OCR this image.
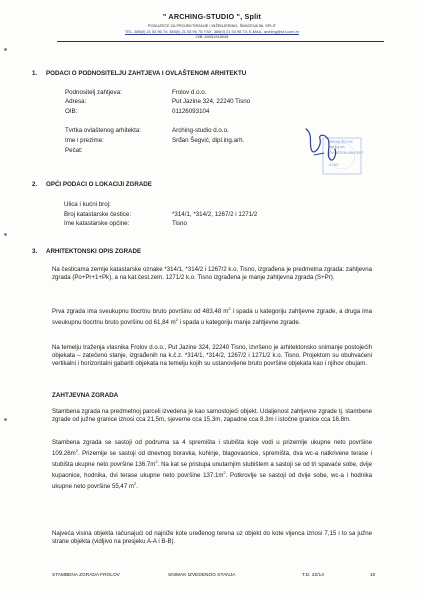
" ARCHING-STUDIO ", Split
PODUZEĆE ZA PROJEKTIRANJE I INŽENJERING, ŠIMIĆEVA 56, SPLIT
TEL. 385(0) 21 53 96 74; 385(0) 21 53 96 75; FAX. 385(0) 21 53 98 73; E-MAIL: arching@st.t-com.hr
OIB: 63051518045
1. PODACI O PODNOSITELJU ZAHTJEVA I OVLAŠTENOM ARHITEKTU
Podnositelj zahtjeva:	Frolov d.o.o.
Adresa:	Put Jazine 324, 22240 Tisno
OIB:	01126093104
Tvrtka ovlaštenog arhitekta:	Arching-studio d.o.o.
Ime i prezime:	Srđan Šegvić, dipl.ing.arh.
Pečat:
SRĐAN ŠEGVIĆ
dipl.ing.arh.
OVLAŠTENI ARHITEKT
A 1607
2. OPĆI PODACI O LOKACIJI ZGRADE
Ulica i kućni broj:
Broj katastarske čestice:	*314/1, *314/2, 1267/2 i 1271/2
Ime katastarske općine:	Tisno
3. ARHITEKTONSKI OPIS ZGRADE
Na česticama zemlje katastarske oznake *314/1, *314/2 i 1267/2 k.o. Tisno, izgrađena je predmetna zgrada: zahtjevna zgrada (Po+Pr+1+Pk), a na kat.čest.zem. 1271/2 k.o. Tisno izgrađena je manje zahtjevna zgrada (S+Pr).
Prva zgrada ima sveukupnu tlocrtnu bruto površinu od 483,48 $m^2$ i spada u kategoriju zahtjevne zgrade, a druga ima sveukupnu tlocrtnu bruto površinu od 61,84 $m^2$ i spada u kategoriju manje zahtjevne zgrade.
Na temelju traženja vlasnika Frolov d.o.o., Put Jazine 324, 22240 Tisno, izvršeno je arhitektonsko snimanje postojećih objekata – zatečeno stanje, izgrađenih na k.č.z. *314/1, *314/2, 1267/2 i 1271/2 k.o. Tisno. Projektom su obuhvaćeni vertikalni i horizontalni gabariti objekata na temelju kojih su ustanovljene bruto površine objekata kao i njihov obujam.
ZAHTJEVNA ZGRADA
Stambena zgrada na predmetnoj parceli izvedena je kao samostojeći objekt. Udaljenost zahtjevne zgrade tj. stambene zgrade od južne granice iznosi cca 21,5m, sjeverne cca 15.3m, zapadne cca 8.3m i istočne granice cca 16.8m.
Stambena zgrada se sastoji od podruma sa 4 spremišta i stubišta koje vodi u prizemlje ukupne neto površine $109.26m^2$. Prizemlje se sastoji od dnevnog boravka, kuhinje, blagovaonice, spremišta, dva wc-a natkrivene terase i stubišta ukupne neto površine $136.7m^2$. Na kat se pristupa unutarnjim stubištem a sastoji se od tri spavaće sobe, dvije kupaonice, hodnika, dvi terase ukupne neto površine $137.1m^2$. Potkrovlje se sastoji od dvije sobe, wc-a i hodnika ukupne neto površine 55,47 $m^2$.
Najveća visina objekta računajući od najniže kote uređenog terena uz objekt do kote vijenca iznosi 7,15 i to sa južne strane objekta (vidljivo na presjeku A-A i B-B).
STAMBENA ZGRADA FROLOV	SNIMAK IZVEDENOG STANJA	T.D. 22/14	10
